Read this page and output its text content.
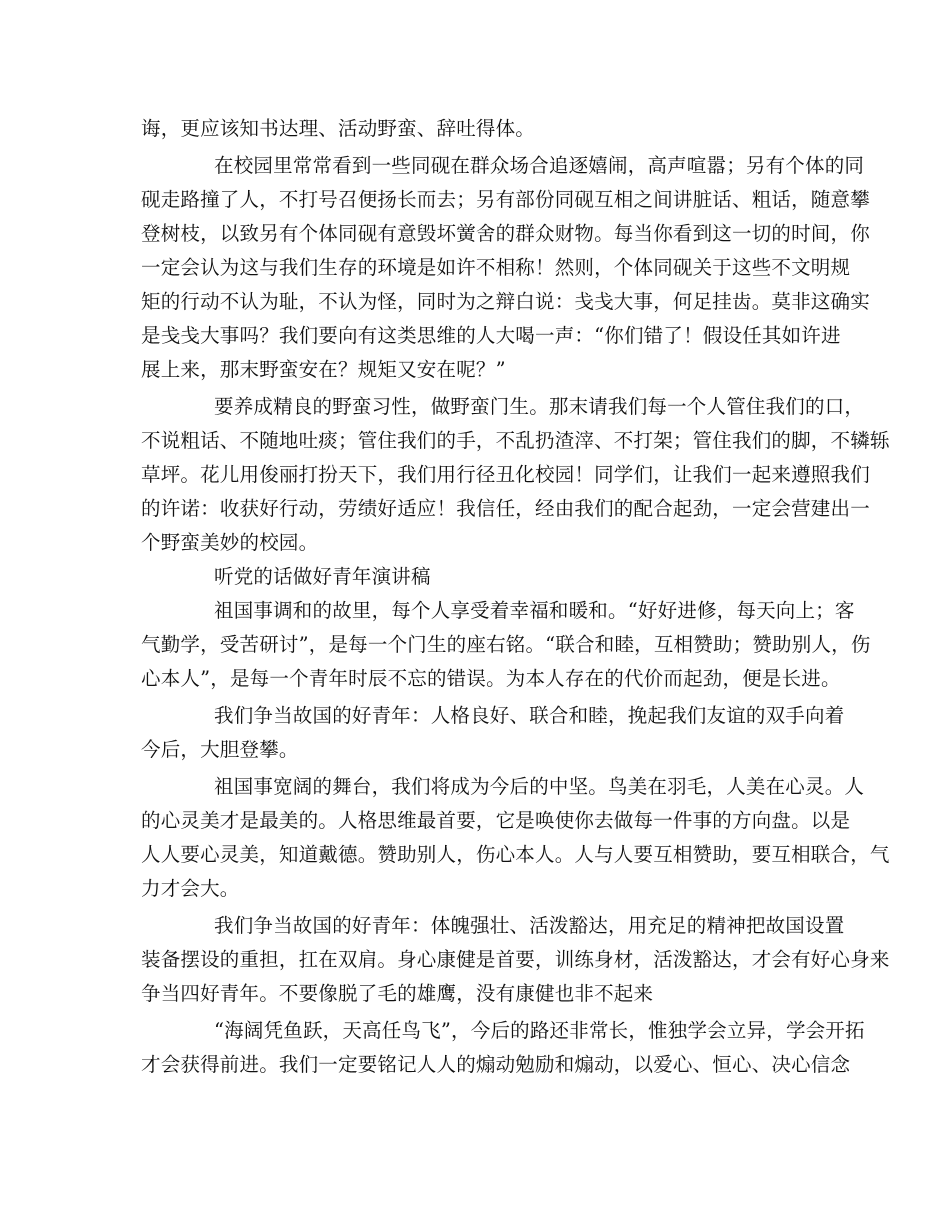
诲，更应该知书达理、活动野蛮、辞吐得体。
在校园里常常看到一些同砚在群众场合追逐嬉闹，高声喧嚣；另有个体的同
砚走路撞了人，不打号召便扬长而去；另有部份同砚互相之间讲脏话、粗话，随意攀
登树枝，以致另有个体同砚有意毁坏黉舍的群众财物。每当你看到这一切的时间，你
一定会认为这与我们生存的环境是如许不相称！然则，个体同砚关于这些不文明规
矩的行动不认为耻，不认为怪，同时为之辩白说：戋戋大事，何足挂齿。莫非这确实
是戋戋大事吗？我们要向有这类思维的人大喝一声：“你们错了！假设任其如许进
展上来，那末野蛮安在？规矩又安在呢？”
要养成精良的野蛮习性，做野蛮门生。那末请我们每一个人管住我们的口，
不说粗话、不随地吐痰；管住我们的手，不乱扔渣滓、不打架；管住我们的脚，不辚轹
草坪。花儿用俊丽打扮天下，我们用行径丑化校园！同学们，让我们一起来遵照我们
的许诺：收获好行动，劳绩好适应！我信任，经由我们的配合起劲，一定会营建出一
个野蛮美妙的校园。
听党的话做好青年演讲稿
祖国事调和的故里，每个人享受着幸福和暖和。“好好进修，每天向上；客
气勤学，受苦研讨”，是每一个门生的座右铭。“联合和睦，互相赞助；赞助别人，伤
心本人”，是每一个青年时辰不忘的错误。为本人存在的代价而起劲，便是长进。
我们争当故国的好青年：人格良好、联合和睦，挽起我们友谊的双手向着
今后，大胆登攀。
祖国事宽阔的舞台，我们将成为今后的中坚。鸟美在羽毛，人美在心灵。人
的心灵美才是最美的。人格思维最首要，它是唤使你去做每一件事的方向盘。以是
人人要心灵美，知道戴德。赞助别人，伤心本人。人与人要互相赞助，要互相联合，气
力才会大。
我们争当故国的好青年：体魄强壮、活泼豁达，用充足的精神把故国设置
装备摆设的重担，扛在双肩。身心康健是首要，训练身材，活泼豁达，才会有好心身来
争当四好青年。不要像脱了毛的雄鹰，没有康健也非不起来
“海阔凭鱼跃，天高任鸟飞”，今后的路还非常长，惟独学会立异，学会开拓
才会获得前进。我们一定要铭记人人的煽动勉励和煽动，以爱心、恒心、决心信念
